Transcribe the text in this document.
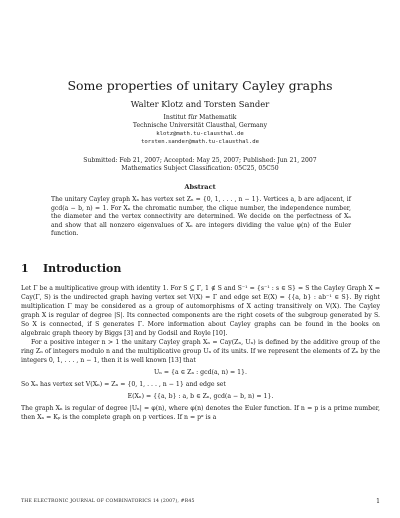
Some properties of unitary Cayley graphs
Walter Klotz and Torsten Sander
Institut für Mathematik
Technische Universität Clausthal, Germany
klotz@math.tu-clausthal.de
torsten.sander@math.tu-clausthal.de
Submitted: Feb 21, 2007; Accepted: May 25, 2007; Published: Jun 21, 2007
Mathematics Subject Classification: 05C25, 05C50
Abstract
The unitary Cayley graph Xₙ has vertex set Zₙ = {0, 1, . . . , n − 1}. Vertices a, b are adjacent, if gcd(a − b, n) = 1. For Xₙ the chromatic number, the clique number, the independence number, the diameter and the vertex connectivity are determined. We decide on the perfectness of Xₙ and show that all nonzero eigenvalues of Xₙ are integers dividing the value φ(n) of the Euler function.
1 Introduction

Let Γ be a multiplicative group with identity 1. For S ⊆ Γ, 1 ∉ S and S⁻¹ = {s⁻¹ : s ∈ S} = S the Cayley Graph X = Cay(Γ, S) is the undirected graph having vertex set V(X) = Γ and edge set E(X) = {{a, b} : ab⁻¹ ∈ S}. By right multiplication Γ may be considered as a group of automorphisms of X acting transitively on V(X). The Cayley graph X is regular of degree |S|. Its connected components are the right cosets of the subgroup generated by S. So X is connected, if S generates Γ. More information about Cayley graphs can be found in the books on algebraic graph theory by Biggs [3] and by Godsil and Royle [10].

For a positive integer n > 1 the unitary Cayley graph Xₙ = Cay(Zₙ, Uₙ) is defined by the additive group of the ring Zₙ of integers modulo n and the multiplicative group Uₙ of its units. If we represent the elements of Zₙ by the integers 0, 1, . . . , n − 1, then it is well known [13] that

Uₙ = {a ∈ Zₙ : gcd(a, n) = 1}.

So Xₙ has vertex set V(Xₙ) = Zₙ = {0, 1, . . . , n − 1} and edge set

E(Xₙ) = {{a, b} : a, b ∈ Zₙ, gcd(a − b, n) = 1}.

The graph Xₙ is regular of degree |Uₙ| = φ(n), where φ(n) denotes the Euler function. If n = p is a prime number, then Xₙ = Kₚ is the complete graph on p vertices. If n = pᵅ is a

THE ELECTRONIC JOURNAL OF COMBINATORICS 14 (2007), #R45	1
